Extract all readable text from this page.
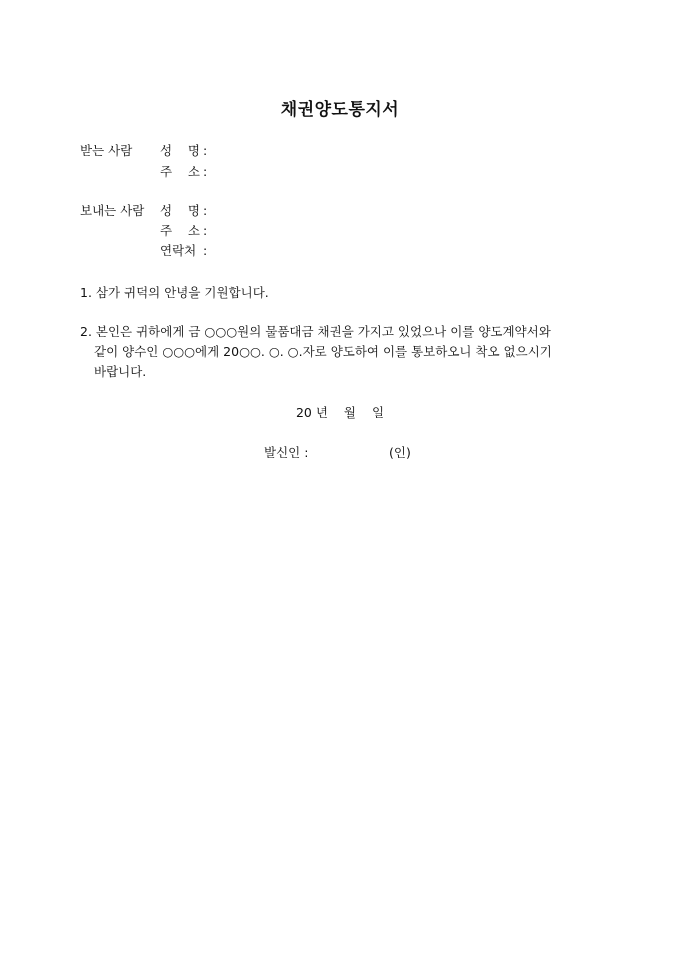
채권양도통지서
받는 사람 성 명 :
주 소 :
보내는 사람 성 명 :
주 소 :
연락처 :
1. 삼가 귀덕의 안녕을 기원합니다.
2. 본인은 귀하에게 금 ○○○원의 물품대금 채권을 가지고 있었으나 이를 양도계약서와
같이 양수인 ○○○에게 20○○. ○. ○.자로 양도하여 이를 통보하오니 착오 없으시기
바랍니다.
20 년 월 일
발신인 :	(인)
